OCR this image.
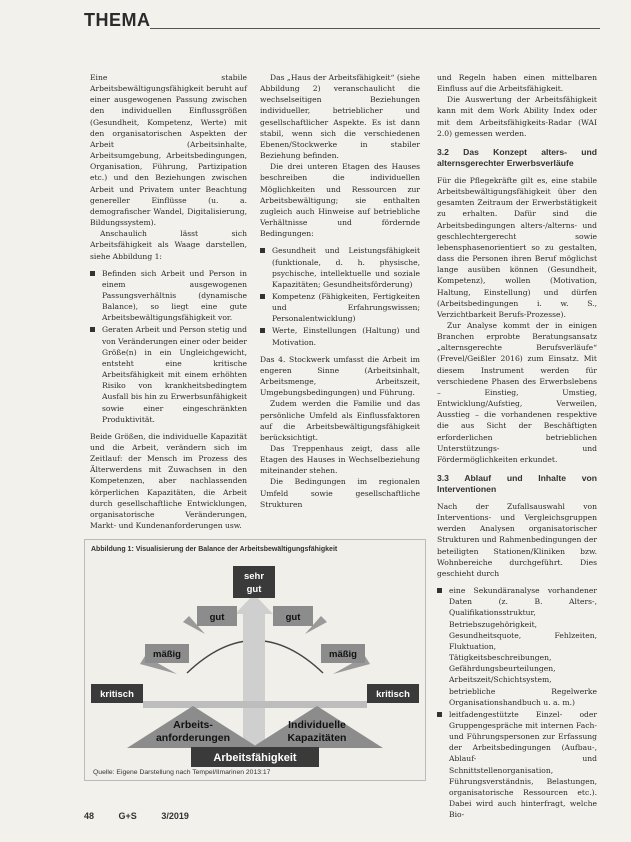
THEMA

Eine stabile Arbeitsbewältigungsfähigkeit beruht auf einer ausgewogenen Passung zwischen den individuellen Einflussgrößen (Gesundheit, Kompetenz, Werte) mit den organisatorischen Aspekten der Arbeit (Arbeitsinhalte, Arbeitsumgebung, Arbeitsbedingungen, Organisation, Führung, Partizipation etc.) und den Beziehungen zwischen Arbeit und Privatem unter Beachtung genereller Einflüsse (u. a. demografischer Wandel, Digitalisierung, Bildungssystem).

Anschaulich lässt sich Arbeitsfähigkeit als Waage darstellen, siehe Abbildung 1:

Befinden sich Arbeit und Person in einem ausgewogenen Passungsverhältnis (dynamische Balance), so liegt eine gute Arbeitsbewältigungsfähigkeit vor.
Geraten Arbeit und Person stetig und von Veränderungen einer oder beider Größe(n) in ein Ungleichgewicht, entsteht eine kritische Arbeitsfähigkeit mit einem erhöhten Risiko von krankheitsbedingtem Ausfall bis hin zu Erwerbsunfähigkeit sowie einer eingeschränkten Produktivität.

Beide Größen, die individuelle Kapazität und die Arbeit, verändern sich im Zeitlauf: der Mensch im Prozess des Älterwerdens mit Zuwachsen in den Kompetenzen, aber nachlassenden körperlichen Kapazitäten, die Arbeit durch gesellschaftliche Entwicklungen, organisatorische Veränderungen, Markt- und Kundenanforderungen usw.

Das „Haus der Arbeitsfähigkeit“ (siehe Abbildung 2) veranschaulicht die wechselseitigen Beziehungen individueller, betrieblicher und gesellschaftlicher Aspekte. Es ist dann stabil, wenn sich die verschiedenen Ebenen/Stockwerke in stabiler Beziehung befinden.

Die drei unteren Etagen des Hauses beschreiben die individuellen Möglichkeiten und Ressourcen zur Arbeitsbewältigung; sie enthalten zugleich auch Hinweise auf betriebliche Verhältnisse und fördernde Bedingungen:

Gesundheit und Leistungsfähigkeit (funktionale, d. h. physische, psychische, intellektuelle und soziale Kapazitäten; Gesundheitsförderung)
Kompetenz (Fähigkeiten, Fertigkeiten und Erfahrungswissen; Personalentwicklung)
Werte, Einstellungen (Haltung) und Motivation.

Das 4. Stockwerk umfasst die Arbeit im engeren Sinne (Arbeitsinhalt, Arbeitsmenge, Arbeitszeit, Umgebungsbedingungen) und Führung.

Zudem werden die Familie und das persönliche Umfeld als Einflussfaktoren auf die Arbeitsbewältigungsfähigkeit berücksichtigt.

Das Treppenhaus zeigt, dass alle Etagen des Hauses in Wechselbeziehung miteinander stehen.

Die Bedingungen im regionalen Umfeld sowie gesellschaftliche Strukturen

und Regeln haben einen mittelbaren Einfluss auf die Arbeitsfähigkeit.

Die Auswertung der Arbeitsfähigkeit kann mit dem Work Ability Index oder mit dem Arbeitsfähigkeits-Radar (WAI 2.0) gemessen werden.

3.2 Das Konzept alters- und alternsgerechter Erwerbsverläufe

Für die Pflegekräfte gilt es, eine stabile Arbeitsbewältigungsfähigkeit über den gesamten Zeitraum der Erwerbstätigkeit zu erhalten. Dafür sind die Arbeitsbedingungen alters-/alterns- und geschlechtergerecht sowie lebensphasenorientiert so zu gestalten, dass die Personen ihren Beruf möglichst lange ausüben können (Gesundheit, Kompetenz), wollen (Motivation, Haltung, Einstellung) und dürfen (Arbeitsbedingungen i. w. S., Verzichtbarkeit Berufs-Prozesse).

Zur Analyse kommt der in einigen Branchen erprobte Beratungsansatz „alternsgerechte Berufsverläufe“ (Frevel/Geißler 2016) zum Einsatz. Mit diesem Instrument werden für verschiedene Phasen des Erwerbslebens – Einstieg, Umstieg, Entwicklung/Aufstieg, Verweilen, Ausstieg – die vorhandenen respektive die aus Sicht der Beschäftigten erforderlichen betrieblichen Unterstützungs- und Fördermöglichkeiten erkundet.

3.3 Ablauf und Inhalte von Interventionen

Nach der Zufallsauswahl von Interventions- und Vergleichsgruppen werden Analysen organisatorischer Strukturen und Rahmenbedingungen der beteiligten Stationen/Kliniken bzw. Wohnbereiche durchgeführt. Dies geschieht durch

eine Sekundäranalyse vorhandener Daten (z. B. Alters-, Qualifikationsstruktur, Betriebszugehörigkeit, Gesundheitsquote, Fehlzeiten, Fluktuation, Tätigkeitsbeschreibungen, Gefährdungsbeurteilungen, Arbeitszeit/Schichtsystem, betriebliche Regelwerke Organisationshandbuch u. a. m.)
leitfadengestützte Einzel- oder Gruppengespräche mit internen Fach- und Führungspersonen zur Erfassung der Arbeitsbedingungen (Aufbau-, Ablauf- und Schnittstellenorganisation, Führungsverständnis, Belastungen, organisatorische Ressourcen etc.). Dabei wird auch hinterfragt, welche Bio-
Abbildung 1: Visualisierung der Balance der Arbeitsbewältigungsfähigkeit
sehr
gut
gut
mäßig
kritisch
gut
mäßig
kritisch
Arbeits-
anforderungen
Individuelle
Kapazitäten
Arbeitsfähigkeit
Quelle: Eigene Darstellung nach Tempel/Ilmarinen 2013:17
48	G+S	3/2019
